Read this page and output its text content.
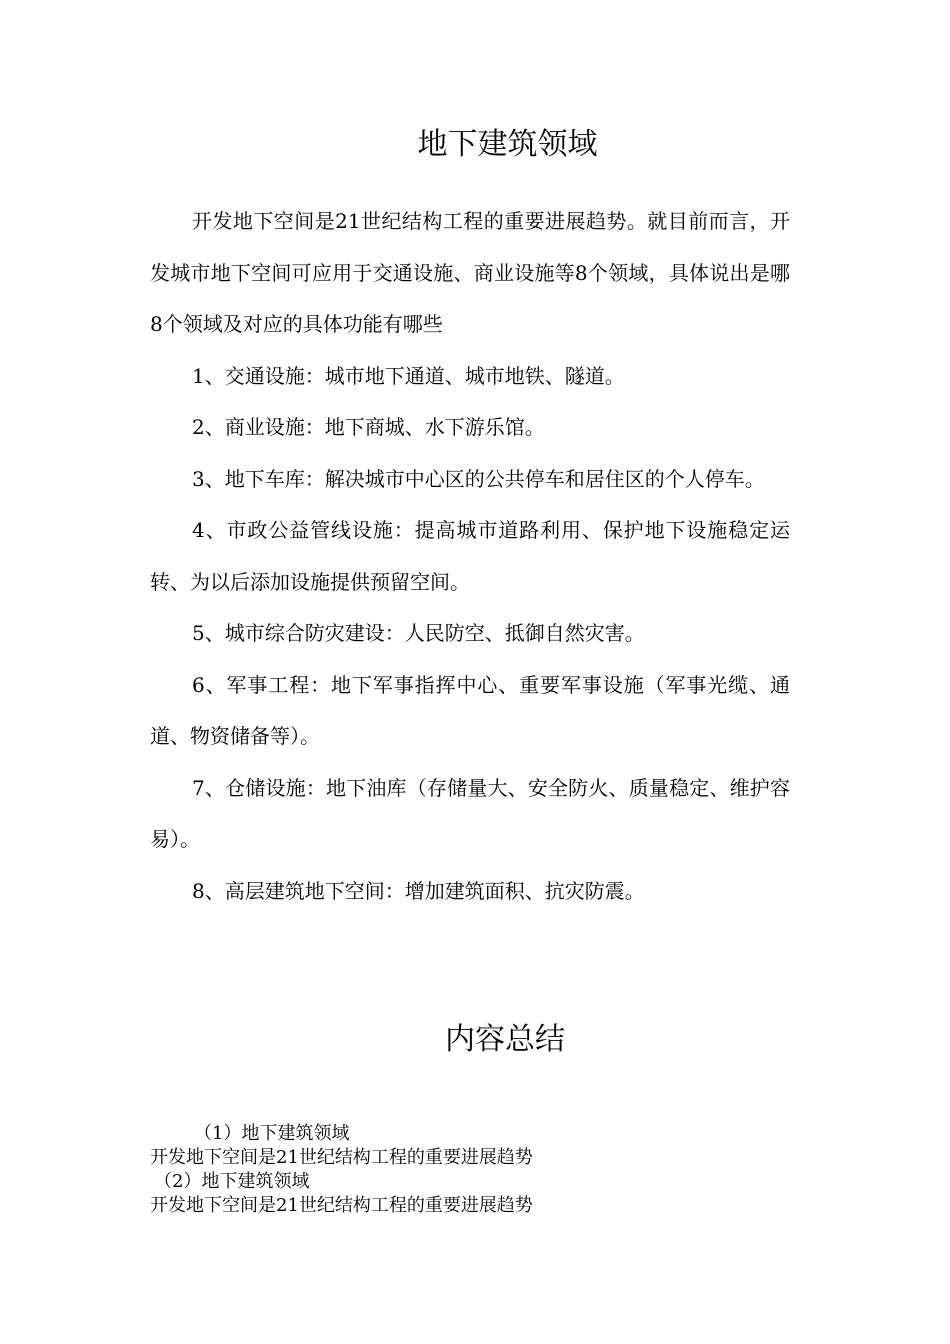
地下建筑领域

开发地下空间是21世纪结构工程的重要进展趋势。就目前而言，开发城市地下空间可应用于交通设施、商业设施等8个领域，具体说出是哪8个领域及对应的具体功能有哪些

1、交通设施：城市地下通道、城市地铁、隧道。

2、商业设施：地下商城、水下游乐馆。

3、地下车库：解决城市中心区的公共停车和居住区的个人停车。

4、市政公益管线设施：提高城市道路利用、保护地下设施稳定运转、为以后添加设施提供预留空间。

5、城市综合防灾建设：人民防空、抵御自然灾害。

6、军事工程：地下军事指挥中心、重要军事设施（军事光缆、通道、物资储备等）。

7、仓储设施：地下油库（存储量大、安全防火、质量稳定、维护容易）。

8、高层建筑地下空间：增加建筑面积、抗灾防震。

内容总结

（1）地下建筑领域

开发地下空间是21世纪结构工程的重要进展趋势

（2）地下建筑领域

开发地下空间是21世纪结构工程的重要进展趋势
